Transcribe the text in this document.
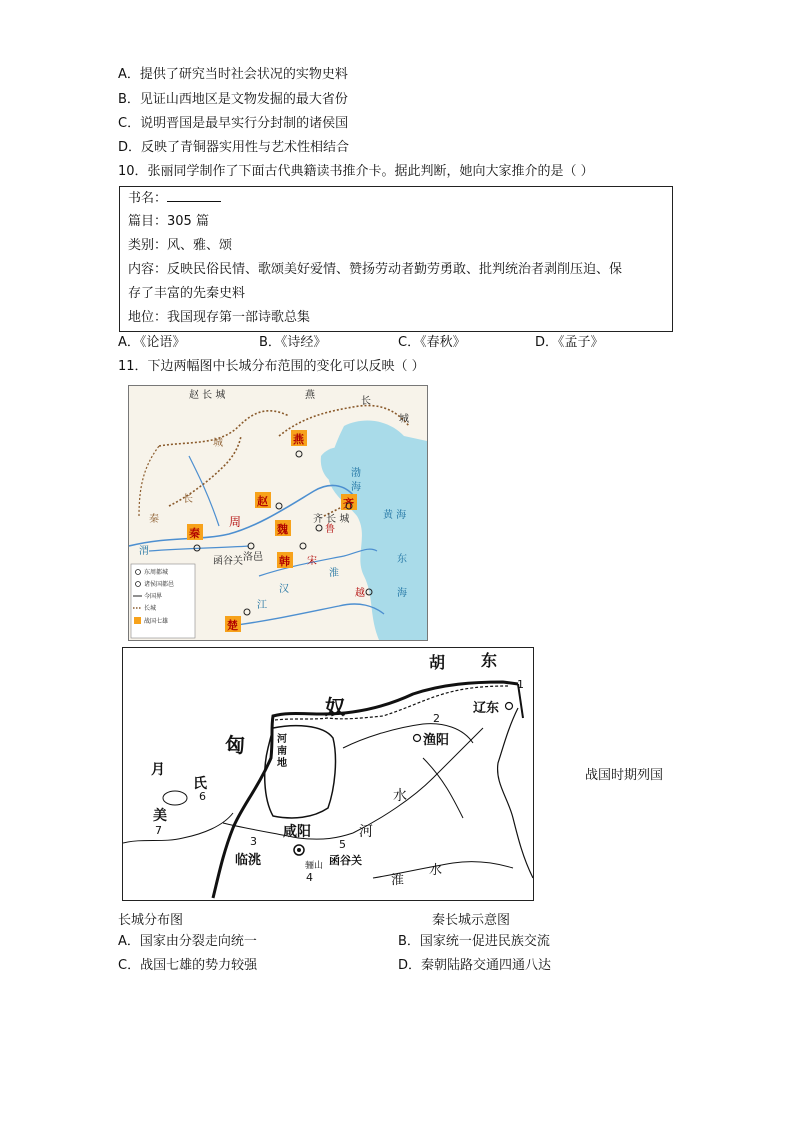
A．提供了研究当时社会状况的实物史料
B．见证山西地区是文物发掘的最大省份
C．说明晋国是最早实行分封制的诸侯国
D．反映了青铜器实用性与艺术性相结合
10．张丽同学制作了下面古代典籍读书推介卡。据此判断，她向大家推介的是（ ）
书名：
篇目：305 篇
类别：风、雅、颂
内容：反映民俗民情、歌颂美好爱情、赞扬劳动者勤劳勇敢、批判统治者剥削压迫、保
存了丰富的先秦史料
地位：我国现存第一部诗歌总集
A．《论语》	B．《诗经》	C．《春秋》	D．《孟子》
11．下边两幅图中长城分布范围的变化可以反映（ ）
燕
赵	齐
秦	魏
韩
楚
赵 长 城	燕
长
城
周
宋
鲁
越
洛邑
函谷关
齐 长 城
渤
海
黄 海
东
海
渭
汉
江
淮
城
长
秦
东周都城
诸侯国都邑
今国界
长城
战国七雄
胡 东
匈
奴
月
氏
美
辽东
渔阳
河
南
地
咸阳
临洮	函谷关
骊山
河
水
淮
水
1
2
3
4
5
6
7
战国时期列国
长城分布图	秦长城示意图
A．国家由分裂走向统一	B．国家统一促进民族交流
C．战国七雄的势力较强	D．秦朝陆路交通四通八达
